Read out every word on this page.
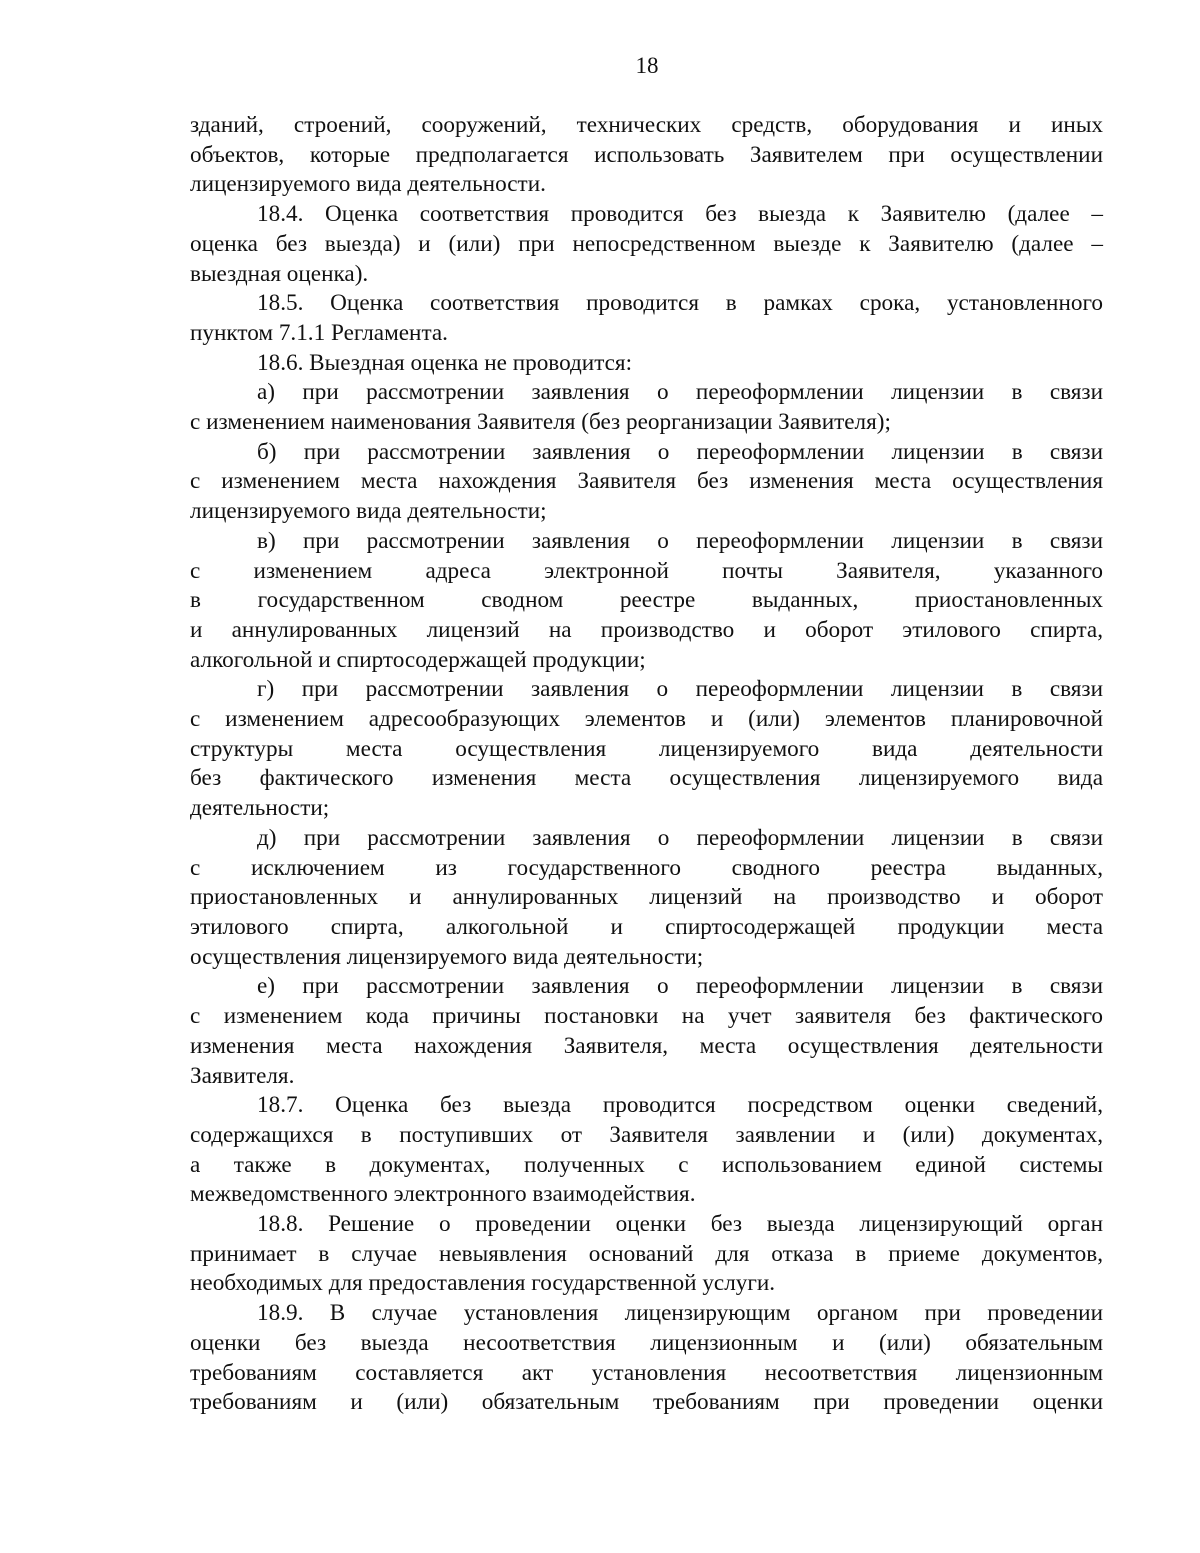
18
зданий, строений, сооружений, технических средств, оборудования и иных
объектов, которые предполагается использовать Заявителем при осуществлении
лицензируемого вида деятельности.
18.4. Оценка соответствия проводится без выезда к Заявителю (далее –
оценка без выезда) и (или) при непосредственном выезде к Заявителю (далее –
выездная оценка).
18.5. Оценка соответствия проводится в рамках срока, установленного
пунктом 7.1.1 Регламента.
18.6. Выездная оценка не проводится:
а) при рассмотрении заявления о переоформлении лицензии в связи
с изменением наименования Заявителя (без реорганизации Заявителя);
б) при рассмотрении заявления о переоформлении лицензии в связи
с изменением места нахождения Заявителя без изменения места осуществления
лицензируемого вида деятельности;
в) при рассмотрении заявления о переоформлении лицензии в связи
с изменением адреса электронной почты Заявителя, указанного
в государственном сводном реестре выданных, приостановленных
и аннулированных лицензий на производство и оборот этилового спирта,
алкогольной и спиртосодержащей продукции;
г) при рассмотрении заявления о переоформлении лицензии в связи
с изменением адресообразующих элементов и (или) элементов планировочной
структуры места осуществления лицензируемого вида деятельности
без фактического изменения места осуществления лицензируемого вида
деятельности;
д) при рассмотрении заявления о переоформлении лицензии в связи
с исключением из государственного сводного реестра выданных,
приостановленных и аннулированных лицензий на производство и оборот
этилового спирта, алкогольной и спиртосодержащей продукции места
осуществления лицензируемого вида деятельности;
е) при рассмотрении заявления о переоформлении лицензии в связи
с изменением кода причины постановки на учет заявителя без фактического
изменения места нахождения Заявителя, места осуществления деятельности
Заявителя.
18.7. Оценка без выезда проводится посредством оценки сведений,
содержащихся в поступивших от Заявителя заявлении и (или) документах,
а также в документах, полученных с использованием единой системы
межведомственного электронного взаимодействия.
18.8. Решение о проведении оценки без выезда лицензирующий орган
принимает в случае невыявления оснований для отказа в приеме документов,
необходимых для предоставления государственной услуги.
18.9. В случае установления лицензирующим органом при проведении
оценки без выезда несоответствия лицензионным и (или) обязательным
требованиям составляется акт установления несоответствия лицензионным
требованиям и (или) обязательным требованиям при проведении оценки
